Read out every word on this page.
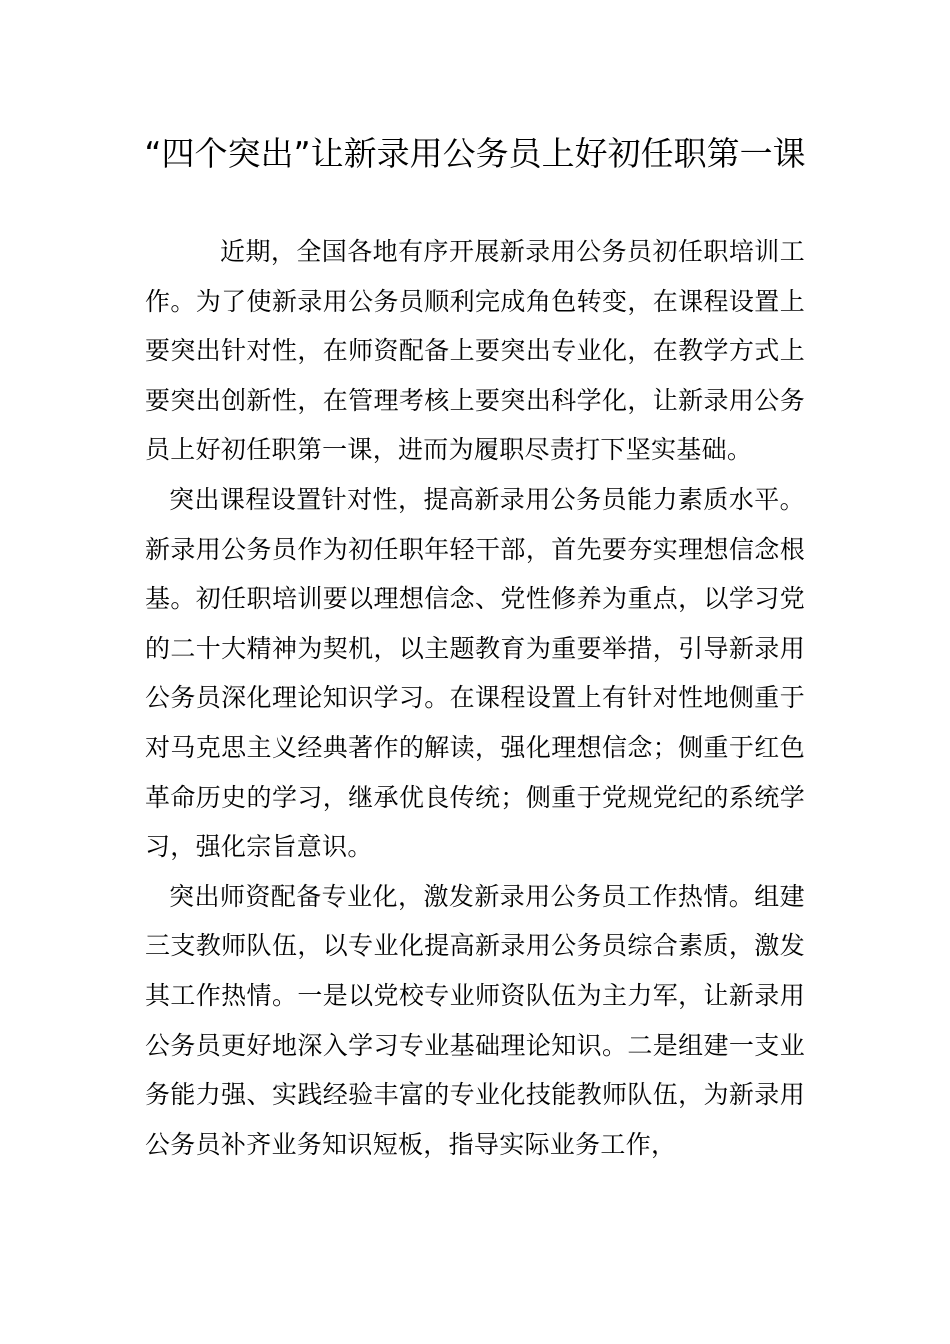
“四个突出”让新录用公务员上好初任职第一课

近期，全国各地有序开展新录用公务员初任职培训工作。为了使新录用公务员顺利完成角色转变，在课程设置上要突出针对性，在师资配备上要突出专业化，在教学方式上要突出创新性，在管理考核上要突出科学化，让新录用公务员上好初任职第一课，进而为履职尽责打下坚实基础。

突出课程设置针对性，提高新录用公务员能力素质水平。新录用公务员作为初任职年轻干部，首先要夯实理想信念根基。初任职培训要以理想信念、党性修养为重点，以学习党的二十大精神为契机，以主题教育为重要举措，引导新录用公务员深化理论知识学习。在课程设置上有针对性地侧重于对马克思主义经典著作的解读，强化理想信念；侧重于红色革命历史的学习，继承优良传统；侧重于党规党纪的系统学习，强化宗旨意识。

突出师资配备专业化，激发新录用公务员工作热情。组建三支教师队伍，以专业化提高新录用公务员综合素质，激发其工作热情。一是以党校专业师资队伍为主力军，让新录用公务员更好地深入学习专业基础理论知识。二是组建一支业务能力强、实践经验丰富的专业化技能教师队伍，为新录用公务员补齐业务知识短板，指导实际业务工作，
